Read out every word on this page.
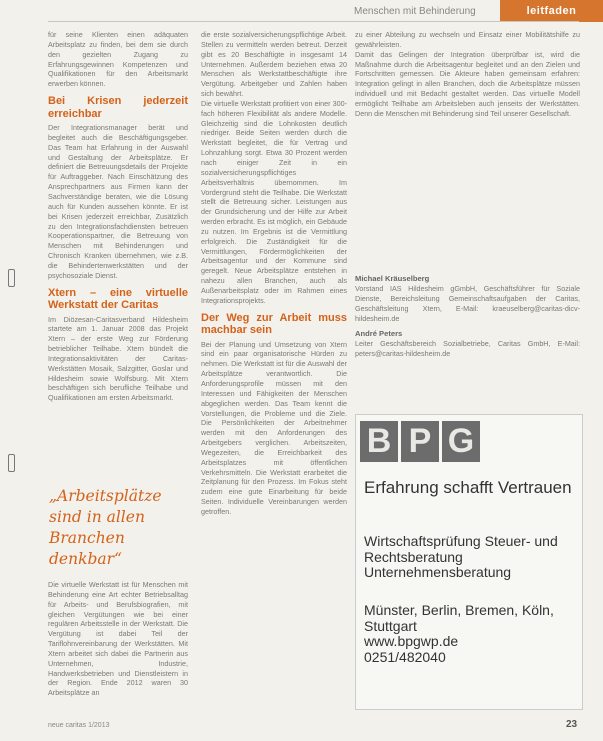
Menschen mit Behinderung	leitfaden

für seine Klienten einen adäquaten Arbeitsplatz zu finden, bei dem sie durch den gezielten Zugang zu Erfahrungsgewinnen Kompetenzen und Qualifikationen für den Arbeitsmarkt erwerben können.

Bei Krisen jederzeit erreichbar

Der Integrationsmanager berät und begleitet auch die Beschäftigungsgeber. Das Team hat Erfahrung in der Auswahl und Gestaltung der Arbeitsplätze. Er definiert die Betreuungsdetails der Projekte für Auftraggeber. Nach Einschätzung des Ansprechpartners aus Firmen kann der Sachverständige beraten, wie die Lösung auch für Kunden aussehen könnte. Er ist bei Krisen jederzeit erreichbar, Zusätzlich zu den Integrationsfachdiensten betreuen Kooperationspartner, die Betreuung von Menschen mit Behinderungen und Chronisch Kranken übernehmen, wie z.B. die Behindertenwerkstätten und der psychosoziale Dienst.

Xtern – eine virtuelle Werkstatt der Caritas

Im Diözesan-Caritasverband Hildesheim startete am 1. Januar 2008 das Projekt Xtern – der erste Weg zur Förderung betrieblicher Teilhabe. Xtern bündelt die Integrationsaktivitäten der Caritas-Werkstätten Mosaik, Salzgitter, Goslar und Hildesheim sowie Wolfsburg. Mit Xtern beschäftigen sich berufliche Teilhabe und Qualifikationen am ersten Arbeitsmarkt.

„Arbeitsplätze sind in allen Branchen denkbar“

Die virtuelle Werkstatt ist für Menschen mit Behinderung eine Art echter Betriebsalltag für Arbeits- und Berufsbiografien, mit gleichen Vergütungen wie bei einer regulären Arbeitsstelle in der Werkstatt. Die Vergütung ist dabei Teil der Tariflohnvereinbarung der Werkstätten. Mit Xtern arbeitet sich dabei die Partnerin aus Unternehmen, Industrie, Handwerksbetrieben und Dienstleistern in der Region. Ende 2012 waren 30 Arbeitsplätze an

die erste sozialversicherungspflichtige Arbeit. Stellen zu vermitteln werden betreut. Derzeit gibt es 20 Beschäftigte in insgesamt 14 Unternehmen. Außerdem beziehen etwa 20 Menschen als Werkstattbeschäftigte ihre Vergütung. Arbeitgeber und Zahlen haben sich bewährt.

Die virtuelle Werkstatt profitiert von einer 300-fach höheren Flexibilität als andere Modelle. Gleichzeitig sind die Lohnkosten deutlich niedriger. Beide Seiten werden durch die Werkstatt begleitet, die für Vertrag und Lohnzahlung sorgt. Etwa 30 Prozent werden nach einiger Zeit in ein sozialversicherungspflichtiges Arbeitsverhältnis übernommen. Im Vordergrund steht die Teilhabe. Die Werkstatt stellt die Betreuung sicher. Leistungen aus der Grundsicherung und der Hilfe zur Arbeit werden erbracht. Es ist möglich, ein Gebäude zu nutzen. Im Ergebnis ist die Vermittlung erfolgreich. Die Zuständigkeit für die Vermittlungen, Fördermöglichkeiten der Arbeitsagentur und der Kommune sind geregelt. Neue Arbeitsplätze entstehen in nahezu allen Branchen, auch als Außenarbeitsplatz oder im Rahmen eines Integrationsprojekts.

Der Weg zur Arbeit muss machbar sein

Bei der Planung und Umsetzung von Xtern sind ein paar organisatorische Hürden zu nehmen. Die Werkstatt ist für die Auswahl der Arbeitsplätze verantwortlich. Die Anforderungsprofile müssen mit den Interessen und Fähigkeiten der Menschen abgeglichen werden. Das Team kennt die Vorstellungen, die Probleme und die Ziele. Die Persönlichkeiten der Arbeitnehmer werden mit den Anforderungen des Arbeitgebers verglichen. Arbeitszeiten, Wegezeiten, die Erreichbarkeit des Arbeitsplatzes mit öffentlichen Verkehrsmitteln. Die Werkstatt erarbeitet die Zeitplanung für den Prozess. Im Fokus steht zudem eine gute Einarbeitung für beide Seiten. Individuelle Vereinbarungen werden getroffen.

zu einer Abteilung zu wechseln und Einsatz einer Mobilitätshilfe zu gewährleisten.

Damit das Gelingen der Integration überprüfbar ist, wird die Maßnahme durch die Arbeitsagentur begleitet und an den Zielen und Fortschritten gemessen. Die Akteure haben gemeinsam erfahren: Integration gelingt in allen Branchen, doch die Arbeitsplätze müssen individuell und mit Bedacht gestaltet werden. Das virtuelle Modell ermöglicht Teilhabe am Arbeitsleben auch jenseits der Werkstätten. Denn die Menschen mit Behinderung sind Teil unserer Gesellschaft.

Michael Kräuselberg

Vorstand IAS Hildesheim gGmbH, Geschäftsführer für Soziale Dienste, Bereichsleitung Gemeinschaftsaufgaben der Caritas, Geschäftsleitung Xtern, E-Mail: kraeuselberg@caritas-dicv-hildesheim.de

André Peters

Leiter Geschäftsbereich Sozialbetriebe, Caritas GmbH, E-Mail: peters@caritas-hildesheim.de

B P G
Erfahrung schafft Vertrauen
Wirtschaftsprüfung Steuer- und Rechtsberatung Unternehmensberatung
Münster, Berlin, Bremen, Köln, Stuttgart
www.bpgwp.de
0251/482040
neue caritas 1/2013	23
